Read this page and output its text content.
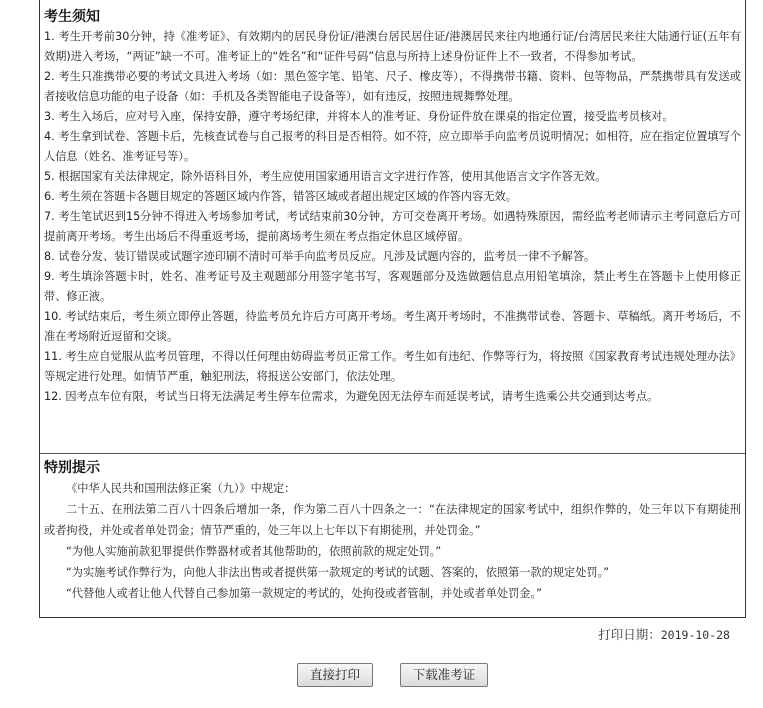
考生须知

1. 考生开考前30分钟，持《准考证》、有效期内的居民身份证/港澳台居民居住证/港澳居民来往内地通行证/台湾居民来往大陆通行证(五年有效期)进入考场，“两证”缺一不可。准考证上的“姓名”和“证件号码”信息与所持上述身份证件上不一致者，不得参加考试。

2. 考生只准携带必要的考试文具进入考场（如：黑色签字笔、铅笔、尺子、橡皮等），不得携带书籍、资料、包等物品，严禁携带具有发送或者接收信息功能的电子设备（如：手机及各类智能电子设备等），如有违反，按照违规舞弊处理。

3. 考生入场后，应对号入座，保持安静，遵守考场纪律，并将本人的准考证、身份证件放在课桌的指定位置，接受监考员核对。

4. 考生拿到试卷、答题卡后，先核查试卷与自己报考的科目是否相符。如不符，应立即举手向监考员说明情况；如相符，应在指定位置填写个人信息（姓名、准考证号等）。

5. 根据国家有关法律规定，除外语科目外，考生应使用国家通用语言文字进行作答，使用其他语言文字作答无效。

6. 考生须在答题卡各题目规定的答题区域内作答，错答区域或者超出规定区域的作答内容无效。

7. 考生笔试迟到15分钟不得进入考场参加考试，考试结束前30分钟，方可交卷离开考场。如遇特殊原因，需经监考老师请示主考同意后方可提前离开考场。考生出场后不得重返考场，提前离场考生须在考点指定休息区域停留。

8. 试卷分发、装订错误或试题字迹印刷不清时可举手向监考员反应。凡涉及试题内容的，监考员一律不予解答。

9. 考生填涂答题卡时，姓名、准考证号及主观题部分用签字笔书写，客观题部分及选做题信息点用铅笔填涂，禁止考生在答题卡上使用修正带、修正液。

10. 考试结束后，考生须立即停止答题，待监考员允许后方可离开考场。考生离开考场时，不准携带试卷、答题卡、草稿纸。离开考场后，不准在考场附近逗留和交谈。

11. 考生应自觉服从监考员管理，不得以任何理由妨碍监考员正常工作。考生如有违纪、作弊等行为，将按照《国家教育考试违规处理办法》等规定进行处理。如情节严重，触犯刑法，将报送公安部门，依法处理。

12. 因考点车位有限，考试当日将无法满足考生停车位需求，为避免因无法停车而延误考试，请考生选乘公共交通到达考点。

特别提示

《中华人民共和国刑法修正案（九）》中规定：

二十五、在刑法第二百八十四条后增加一条，作为第二百八十四条之一：“在法律规定的国家考试中，组织作弊的，处三年以下有期徒刑或者拘役，并处或者单处罚金；情节严重的，处三年以上七年以下有期徒刑，并处罚金。”

“为他人实施前款犯罪提供作弊器材或者其他帮助的，依照前款的规定处罚。”

“为实施考试作弊行为，向他人非法出售或者提供第一款规定的考试的试题、答案的，依照第一款的规定处罚。”

“代替他人或者让他人代替自己参加第一款规定的考试的，处拘役或者管制，并处或者单处罚金。”

打印日期：2019-10-28
直接打印	下载准考证
